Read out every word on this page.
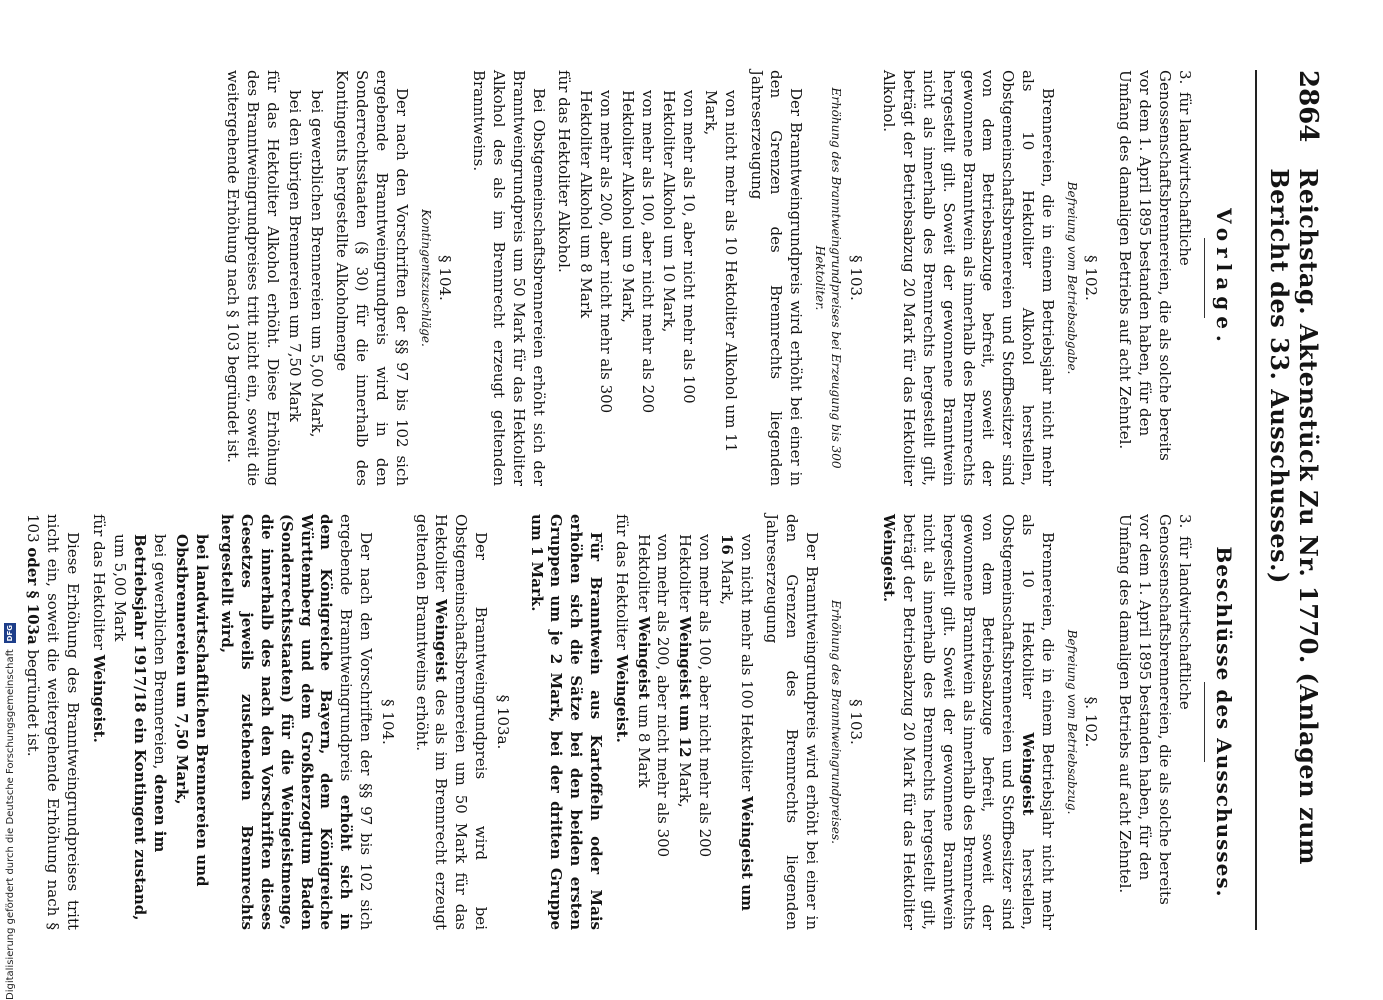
2864
Reichstag. Aktenstück Zu Nr. 1770. (Anlagen zum Bericht des 33. Ausschusses.)
Vorlage.
3.für landwirtschaftliche Genossenschaftsbrennereien, die als solche bereits vor dem 1. April 1895 bestanden haben, für den Umfang des damaligen Betriebs auf acht Zehntel.
§ 102.
Befreiung vom Betriebsabgabe.

Brennereien, die in einem Betriebsjahr nicht mehr als 10 Hektoliter Alkohol herstellen, Obstgemeinschaftsbrennereien und Stoffbesitzer sind von dem Betriebsabzuge befreit, soweit der gewonnene Branntwein als innerhalb des Brennrechts hergestellt gilt. Soweit der gewonnene Branntwein nicht als innerhalb des Brennrechts hergestellt gilt, beträgt der Betriebsabzug 20 Mark für das Hektoliter Alkohol.

§ 103.
Erhöhung des Branntweingrundpreises bei Erzeugung bis 300 Hektoliter.

Der Branntweingrundpreis wird erhöht bei einer in den Grenzen des Brennrechts liegenden Jahreserzeugung

von nicht mehr als 10 Hektoliter Alkohol um 11 Mark,
von mehr als 10, aber nicht mehr als 100 Hektoliter Alkohol um 10 Mark,
von mehr als 100, aber nicht mehr als 200 Hektoliter Alkohol um 9 Mark,
von mehr als 200, aber nicht mehr als 300 Hektoliter Alkohol um 8 Mark

für das Hektoliter Alkohol.

Bei Obstgemeinschaftsbrennereien erhöht sich der Branntweingrundpreis um 50 Mark für das Hektoliter Alkohol des als im Brennrecht erzeugt geltenden Branntweins.

§ 104.
Kontingentszuschläge.

Der nach den Vorschriften der §§ 97 bis 102 sich ergebende Branntweingrundpreis wird in den Sonderrechtsstaaten (§ 30) für die innerhalb des Kontingents hergestellte Alkoholmenge

bei gewerblichen Brennereien um 5,00 Mark,
bei den übrigen Brennereien um 7,50 Mark

für das Hektoliter Alkohol erhöht. Diese Erhöhung des Branntweingrundpreises tritt nicht ein, soweit die weitergehende Erhöhung nach § 103 begründet ist.

Beschlüsse des Ausschusses.
3.für landwirtschaftliche Genossenschaftsbrennereien, die als solche bereits vor dem 1. April 1895 bestanden haben, für den Umfang des damaligen Betriebs auf acht Zehntel.
§. 102.
Befreiung vom Betriebsabzug.

Brennereien, die in einem Betriebsjahr nicht mehr als 10 Hektoliter Weingeist herstellen, Obstgemeinschaftsbrennereien und Stoffbesitzer sind von dem Betriebsabzuge befreit, soweit der gewonnene Branntwein als innerhalb des Brennrechts hergestellt gilt. Soweit der gewonnene Branntwein nicht als innerhalb des Brennrechts hergestellt gilt, beträgt der Betriebsabzug 20 Mark für das Hektoliter Weingeist.

§ 103.
Erhöhung des Branntweingrundpreises.

Der Branntweingrundpreis wird erhöht bei einer in den Grenzen des Brennrechts liegenden Jahreserzeugung

von nicht mehr als 100 Hektoliter Weingeist um 16 Mark,
von mehr als 100, aber nicht mehr als 200 Hektoliter Weingeist um 12 Mark,
von mehr als 200, aber nicht mehr als 300 Hektoliter Weingeist um 8 Mark

für das Hektoliter Weingeist.

Für Branntwein aus Kartoffeln oder Mais erhöhen sich die Sätze bei den beiden ersten Gruppen um je 2 Mark, bei der dritten Gruppe um 1 Mark.

§ 103a.

Der Branntweingrundpreis wird bei Obstgemeinschaftsbrennereien um 50 Mark für das Hektoliter Weingeist des als im Brennrecht erzeugt geltenden Branntweins erhöht.

§ 104.

Der nach den Vorschriften der §§ 97 bis 102 sich ergebende Branntweingrundpreis erhöht sich in dem Königreiche Bayern, dem Königreiche Württemberg und dem Großherzogtum Baden (Sonderrechtsstaaten) für die Weingeistmenge, die innerhalb des nach den Vorschriften dieses Gesetzes jeweils zustehenden Brennrechts hergestellt wird,

bei landwirtschaftlichen Brennereien und Obstbrennereien um 7,50 Mark,
bei gewerblichen Brennereien, denen im Betriebsjahr 1917/18 ein Kontingent zustand, um 5,00 Mark

für das Hektoliter Weingeist.

Diese Erhöhung des Branntweingrundpreises tritt nicht ein, soweit die weitergehende Erhöhung nach § 103 oder § 103a begründet ist.

Digitalisierung gefördert durch die Deutsche Forschungsgemeinschaft
DFG
